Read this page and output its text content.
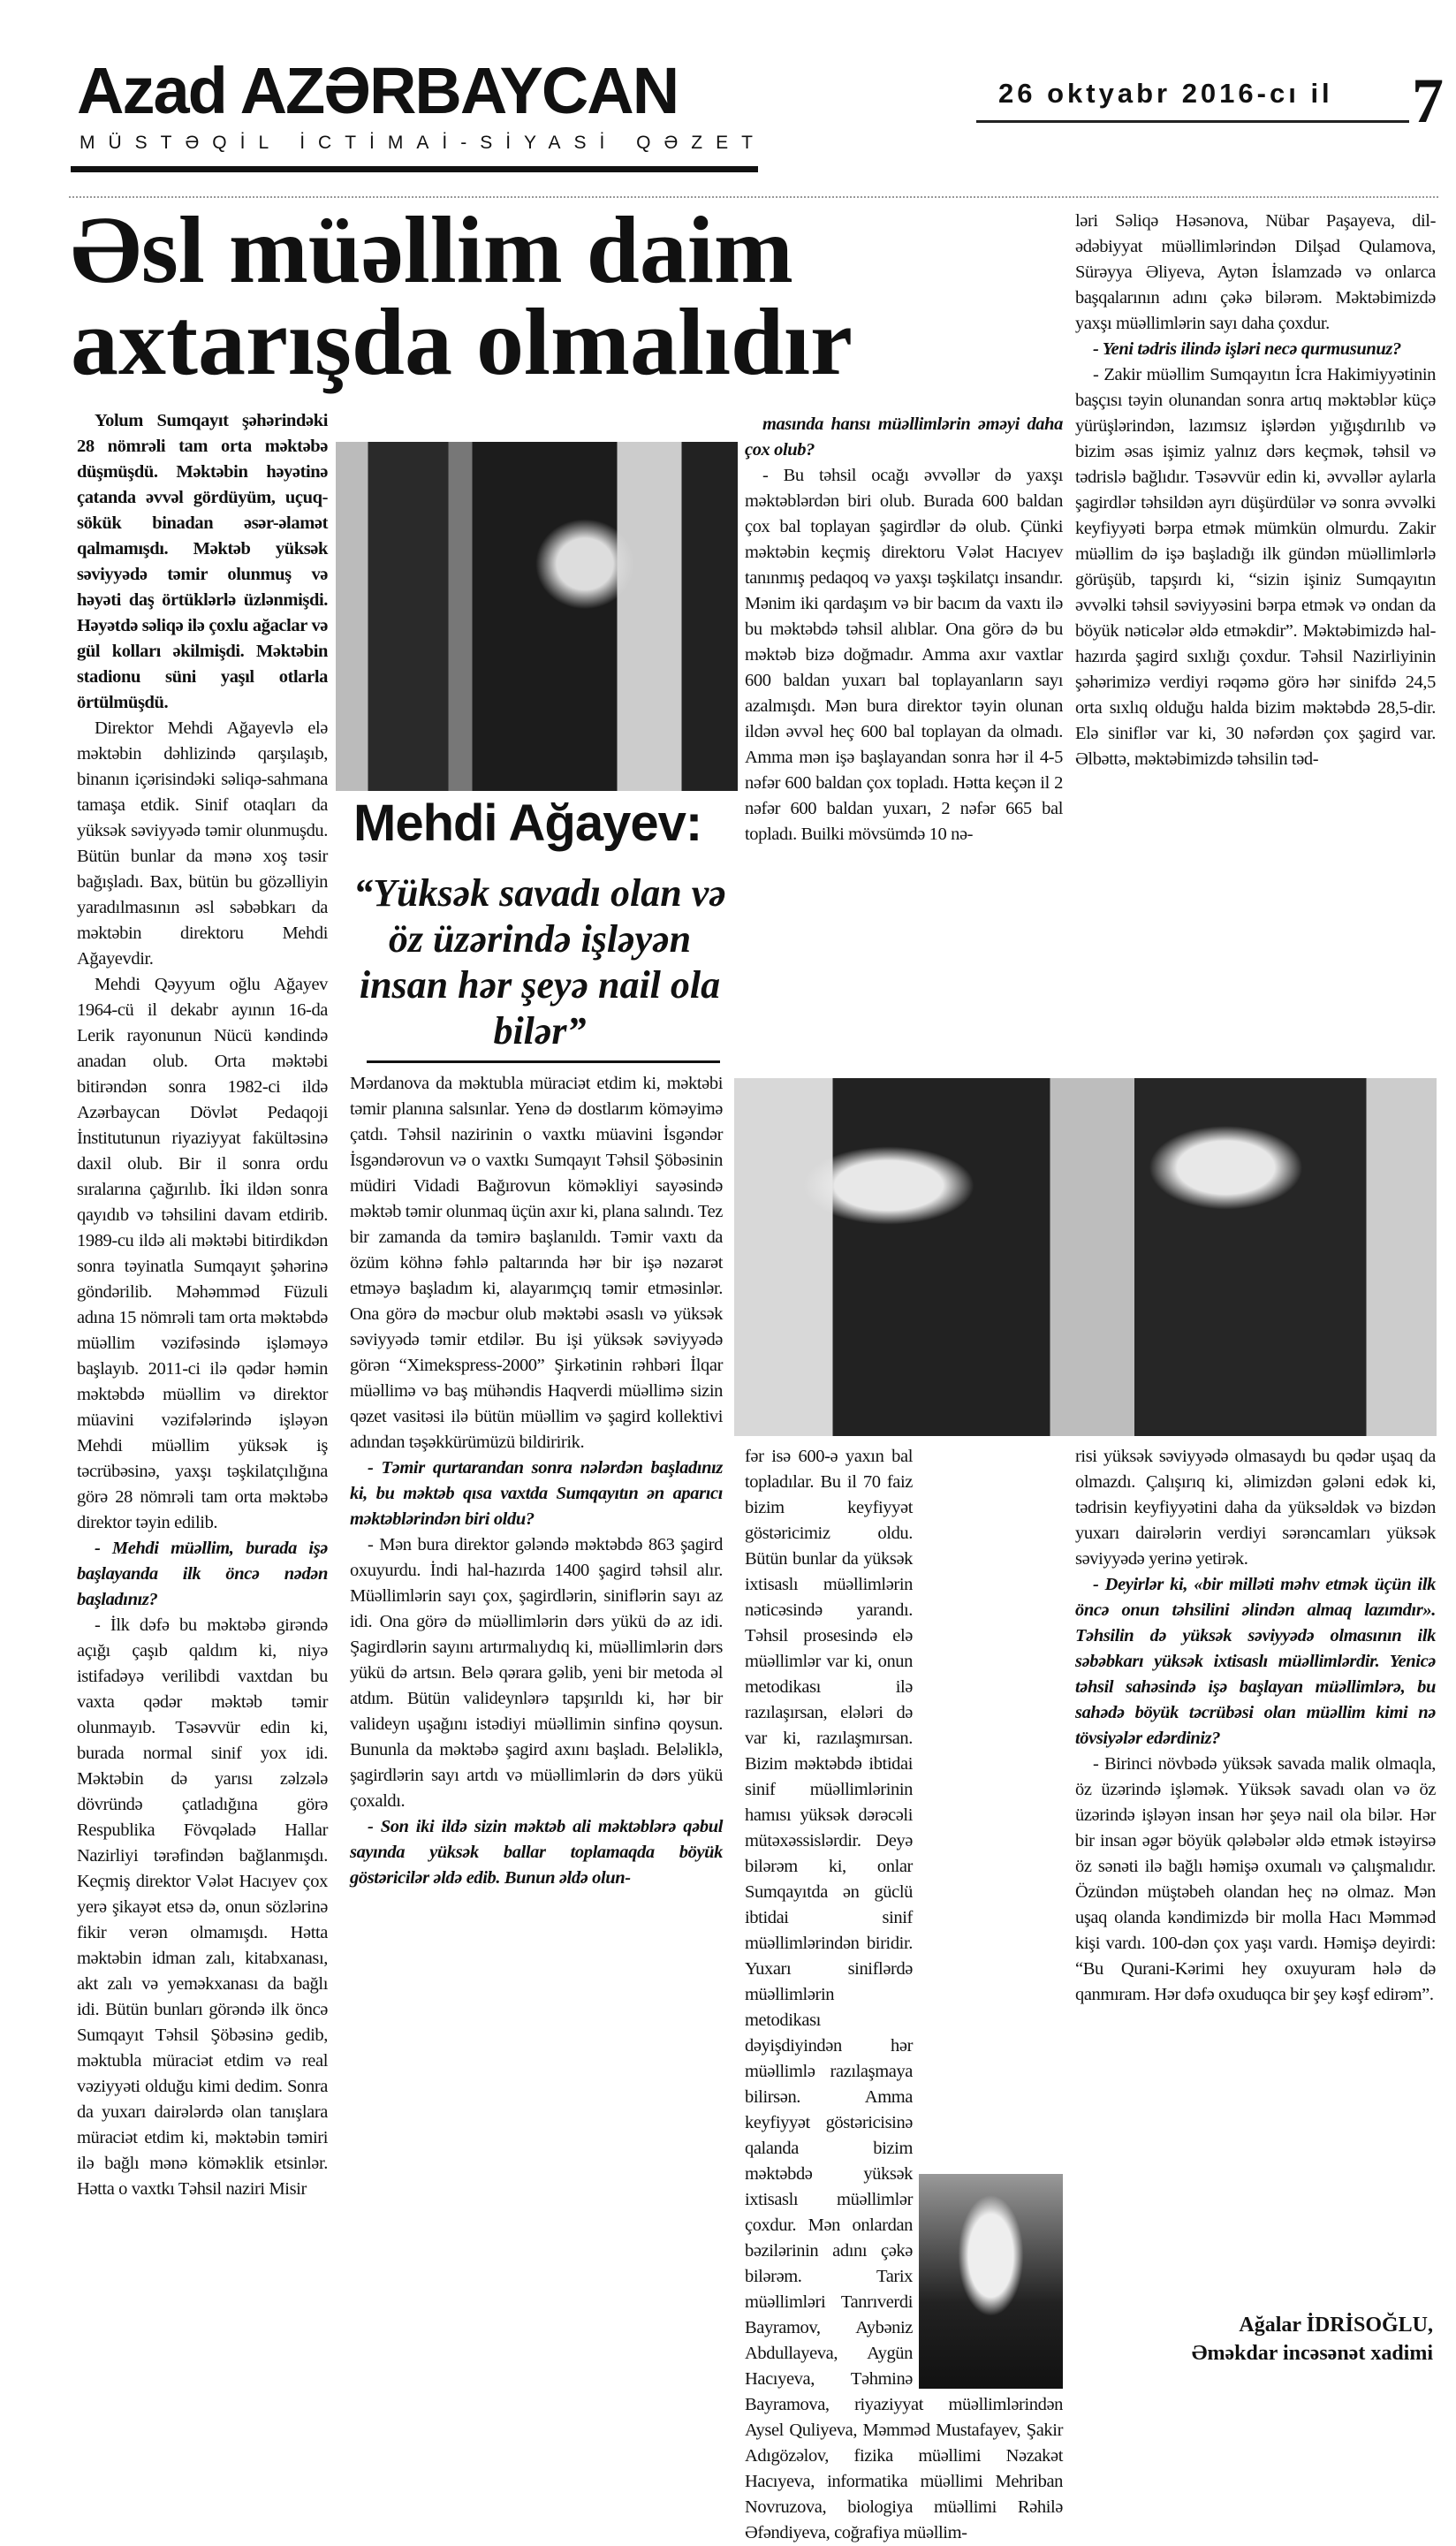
Azad AZƏRBAYCAN
MÜSTƏQİL İCTİMAİ-SİYASİ QƏZET
26 oktyabr 2016-cı il 7
Əsl müəllim daim
axtarışda olmalıdır

Yolum Sumqayıt şəhərindəki 28 nömrəli tam orta məktəbə düşmüşdü. Məktəbin həyətinə çatanda əvvəl gördüyüm, uçuq-sökük binadan əsər-əlamət qalmamışdı. Məktəb yüksək səviyyədə təmir olunmuş və həyəti daş örtüklərlə üzlənmişdi. Həyətdə səliqə ilə çoxlu ağaclar və gül kolları əkilmişdi. Məktəbin stadionu süni yaşıl otlarla örtülmüşdü.

Direktor Mehdi Ağayevlə elə məktəbin dəhlizində qarşılaşıb, binanın içərisindəki səliqə-sahmana tamaşa etdik. Sinif otaqları da yüksək səviyyədə təmir olunmuşdu. Bütün bunlar da mənə xoş təsir bağışladı. Bax, bütün bu gözəlliyin yaradılmasının əsl səbəbkarı da məktəbin direktoru Mehdi Ağayevdir.

Mehdi Qəyyum oğlu Ağayev 1964-cü il dekabr ayının 16-da Lerik rayonunun Nücü kəndində anadan olub. Orta məktəbi bitirəndən sonra 1982-ci ildə Azərbaycan Dövlət Pedaqoji İnstitutunun riyaziyyat fakültəsinə daxil olub. Bir il sonra ordu sıralarına çağırılıb. İki ildən sonra qayıdıb və təhsilini davam etdirib. 1989-cu ildə ali məktəbi bitirdikdən sonra təyinatla Sumqayıt şəhərinə göndərilib. Məhəmməd Füzuli adına 15 nömrəli tam orta məktəbdə müəllim vəzifəsində işləməyə başlayıb. 2011-ci ilə qədər həmin məktəbdə müəllim və direktor müavini vəzifələrində işləyən Mehdi müəllim yüksək iş təcrübəsinə, yaxşı təşkilatçılığına görə 28 nömrəli tam orta məktəbə direktor təyin edilib.

- Mehdi müəllim, burada işə başlayanda ilk öncə nədən başladınız?

- İlk dəfə bu məktəbə girəndə açığı çaşıb qaldım ki, niyə istifadəyə verilibdi vaxtdan bu vaxta qədər məktəb təmir olunmayıb. Təsəvvür edin ki, burada normal sinif yox idi. Məktəbin də yarısı zəlzələ dövründə çatladığına görə Respublika Fövqəladə Hallar Nazirliyi tərəfindən bağlanmışdı. Keçmiş direktor Vələt Hacıyev çox yerə şikayət etsə də, onun sözlərinə fikir verən olmamışdı. Hətta məktəbin idman zalı, kitabxanası, akt zalı və yeməkxanası da bağlı idi. Bütün bunları görəndə ilk öncə Sumqayıt Təhsil Şöbəsinə gedib, məktubla müraciət etdim və real vəziyyəti olduğu kimi dedim. Sonra da yuxarı dairələrdə olan tanışlara müraciət etdim ki, məktəbin təmiri ilə bağlı mənə köməklik etsinlər. Hətta o vaxtkı Təhsil naziri Misir

Mehdi Ağayev:
“Yüksək savadı olan və öz üzərində işləyən insan hər şeyə nail ola bilər”

Mərdanova da məktubla müraciət etdim ki, məktəbi təmir planına salsınlar. Yenə də dostlarım köməyimə çatdı. Təhsil nazirinin o vaxtkı müavini İsgəndər İsgəndərovun və o vaxtkı Sumqayıt Təhsil Şöbəsinin müdiri Vidadi Bağırovun köməkliyi sayəsində məktəb təmir olunmaq üçün axır ki, plana salındı. Tez bir zamanda da təmirə başlanıldı. Təmir vaxtı da özüm köhnə fəhlə paltarında hər bir işə nəzarət etməyə başladım ki, alayarımçıq təmir etməsinlər. Ona görə də məcbur olub məktəbi əsaslı və yüksək səviyyədə təmir etdilər. Bu işi yüksək səviyyədə görən “Ximekspress-2000” Şirkətinin rəhbəri İlqar müəllimə və baş mühəndis Haqverdi müəllimə sizin qəzet vasitəsi ilə bütün müəllim və şagird kollektivi adından təşəkkürümüzü bildiririk.

- Təmir qurtarandan sonra nələrdən başladınız ki, bu məktəb qısa vaxtda Sumqayıtın ən aparıcı məktəblərindən biri oldu?

- Mən bura direktor gələndə məktəbdə 863 şagird oxuyurdu. İndi hal-hazırda 1400 şagird təhsil alır. Müəllimlərin sayı çox, şagirdlərin, siniflərin sayı az idi. Ona görə də müəllimlərin dərs yükü də az idi. Şagirdlərin sayını artırmalıydıq ki, müəllimlərin dərs yükü də artsın. Belə qərara gəlib, yeni bir metoda əl atdım. Bütün valideynlərə tapşırıldı ki, hər bir valideyn uşağını istədiyi müəllimin sinfinə qoysun. Bununla da məktəbə şagird axını başladı. Beləliklə, şagirdlərin sayı artdı və müəllimlərin də dərs yükü çoxaldı.

- Son iki ildə sizin məktəb ali məktəblərə qəbul sayında yüksək ballar toplamaqda böyük göstəricilər əldə edib. Bunun əldə olun-

masında hansı müəllimlərin əməyi daha çox olub?

- Bu təhsil ocağı əvvəllər də yaxşı məktəblərdən biri olub. Burada 600 baldan çox bal toplayan şagirdlər də olub. Çünki məktəbin keçmiş direktoru Vələt Hacıyev tanınmış pedaqoq və yaxşı təşkilatçı insandır. Mənim iki qardaşım və bir bacım da vaxtı ilə bu məktəbdə təhsil alıblar. Ona görə də bu məktəb bizə doğmadır. Amma axır vaxtlar 600 baldan yuxarı bal toplayanların sayı azalmışdı. Mən bura direktor təyin olunan ildən əvvəl heç 600 bal toplayan da olmadı. Amma mən işə başlayandan sonra hər il 4-5 nəfər 600 baldan çox topladı. Hətta keçən il 2 nəfər 600 baldan yuxarı, 2 nəfər 665 bal topladı. Builki mövsümdə 10 nə-

fər isə 600-ə yaxın bal topladılar. Bu il 70 faiz bizim keyfiyyət göstəricimiz oldu. Bütün bunlar da yüksək ixtisaslı müəllimlərin nəticəsində yarandı. Təhsil prosesində elə müəllimlər var ki, onun metodikası ilə razılaşırsan, elələri də var ki, razılaşmırsan. Bizim məktəbdə ibtidai sinif müəllimlərinin hamısı yüksək dərəcəli mütəxəssislərdir. Deyə bilərəm ki, onlar Sumqayıtda ən güclü ibtidai sinif müəllimlərindən biridir. Yuxarı siniflərdə müəllimlərin metodikası dəyişdiyindən hər müəllimlə razılaşmaya bilirsən. Amma keyfiyyət göstəricisinə qalanda bizim məktəbdə yüksək ixtisaslı müəllimlər çoxdur. Mən onlardan bəzilərinin adını çəkə bilərəm. Tarix müəllimləri Tanrıverdi Bayramov, Aybəniz Abdullayeva, Aygün Hacıyeva, Təhminə Bayramova, riyaziyyat müəllimlərindən Aysel Quliyeva, Məmməd Mustafayev, Şakir Adıgözəlov, fizika müəllimi Nəzakət Hacıyeva, informatika müəllimi Mehriban Novruzova, biologiya müəllimi Rəhilə Əfəndiyeva, coğrafiya müəllim-

ləri Səliqə Həsənova, Nübar Paşayeva, dil-ədəbiyyat müəllimlərindən Dilşad Qulamova, Sürəyya Əliyeva, Aytən İslamzadə və onlarca başqalarının adını çəkə bilərəm. Məktəbimizdə yaxşı müəllimlərin sayı daha çoxdur.

- Yeni tədris ilində işləri necə qurmusunuz?

- Zakir müəllim Sumqayıtın İcra Hakimiyyətinin başçısı təyin olunandan sonra artıq məktəblər küçə yürüşlərindən, lazımsız işlərdən yığışdırılıb və bizim əsas işimiz yalnız dərs keçmək, təhsil və tədrislə bağlıdır. Təsəvvür edin ki, əvvəllər aylarla şagirdlər təhsildən ayrı düşürdülər və sonra əvvəlki keyfiyyəti bərpa etmək mümkün olmurdu. Zakir müəllim də işə başladığı ilk gündən müəllimlərlə görüşüb, tapşırdı ki, “sizin işiniz Sumqayıtın əvvəlki təhsil səviyyəsini bərpa etmək və ondan da böyük nəticələr əldə etməkdir”. Məktəbimizdə hal-hazırda şagird sıxlığı çoxdur. Təhsil Nazirliyinin şəhərimizə verdiyi rəqəmə görə hər sinifdə 24,5 orta sıxlıq olduğu halda bizim məktəbdə 28,5-dir. Elə siniflər var ki, 30 nəfərdən çox şagird var. Əlbəttə, məktəbimizdə təhsilin təd-

risi yüksək səviyyədə olmasaydı bu qədər uşaq da olmazdı. Çalışırıq ki, əlimizdən gələni edək ki, tədrisin keyfiyyətini daha da yüksəldək və bizdən yuxarı dairələrin verdiyi sərəncamları yüksək səviyyədə yerinə yetirək.

- Deyirlər ki, «bir milləti məhv etmək üçün ilk öncə onun təhsilini əlindən almaq lazımdır». Təhsilin də yüksək səviyyədə olmasının ilk səbəbkarı yüksək ixtisaslı müəllimlərdir. Yenicə təhsil sahəsində işə başlayan müəllimlərə, bu sahədə böyük təcrübəsi olan müəllim kimi nə tövsiyələr edərdiniz?

- Birinci növbədə yüksək savada malik olmaqla, öz üzərində işləmək. Yüksək savadı olan və öz üzərində işləyən insan hər şeyə nail ola bilər. Hər bir insan əgər böyük qələbələr əldə etmək istəyirsə öz sənəti ilə bağlı həmişə oxumalı və çalışmalıdır. Özündən müştəbeh olandan heç nə olmaz. Mən uşaq olanda kəndimizdə bir molla Hacı Məmməd kişi vardı. 100-dən çox yaşı vardı. Həmişə deyirdi: “Bu Qurani-Kərimi hey oxuyuram hələ də qanmıram. Hər dəfə oxuduqca bir şey kəşf edirəm”.

Ağalar İDRİSOĞLU,
Əməkdar incəsənət xadimi
